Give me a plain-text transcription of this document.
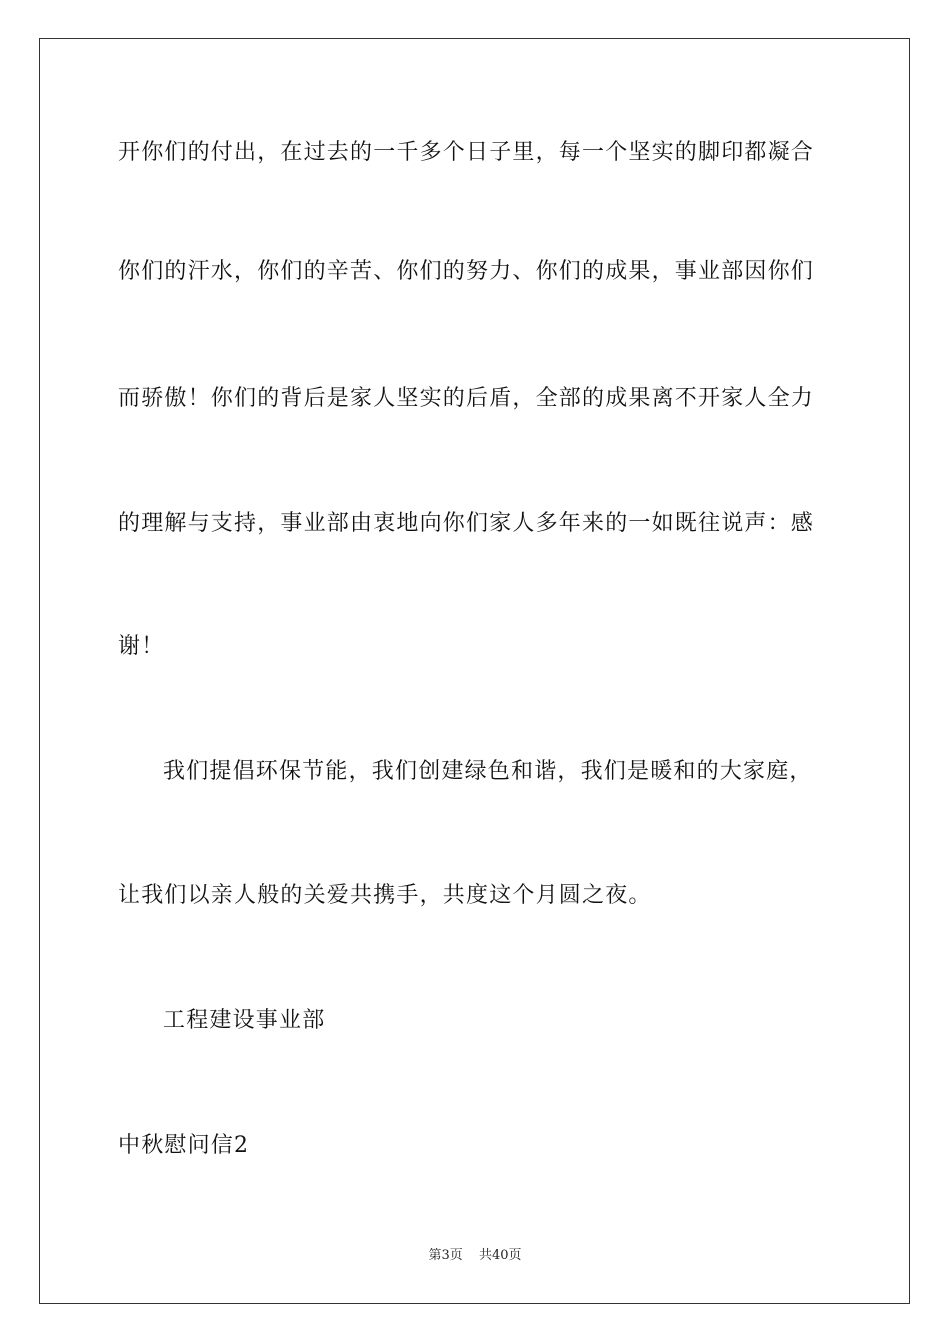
开你们的付出，在过去的一千多个日子里，每一个坚实的脚印都凝合
你们的汗水，你们的辛苦、你们的努力、你们的成果，事业部因你们
而骄傲！你们的背后是家人坚实的后盾，全部的成果离不开家人全力
的理解与支持，事业部由衷地向你们家人多年来的一如既往说声：感
谢！
我们提倡环保节能，我们创建绿色和谐，我们是暖和的大家庭，
让我们以亲人般的关爱共携手，共度这个月圆之夜。
工程建设事业部
中秋慰问信2
第3页 共40页
